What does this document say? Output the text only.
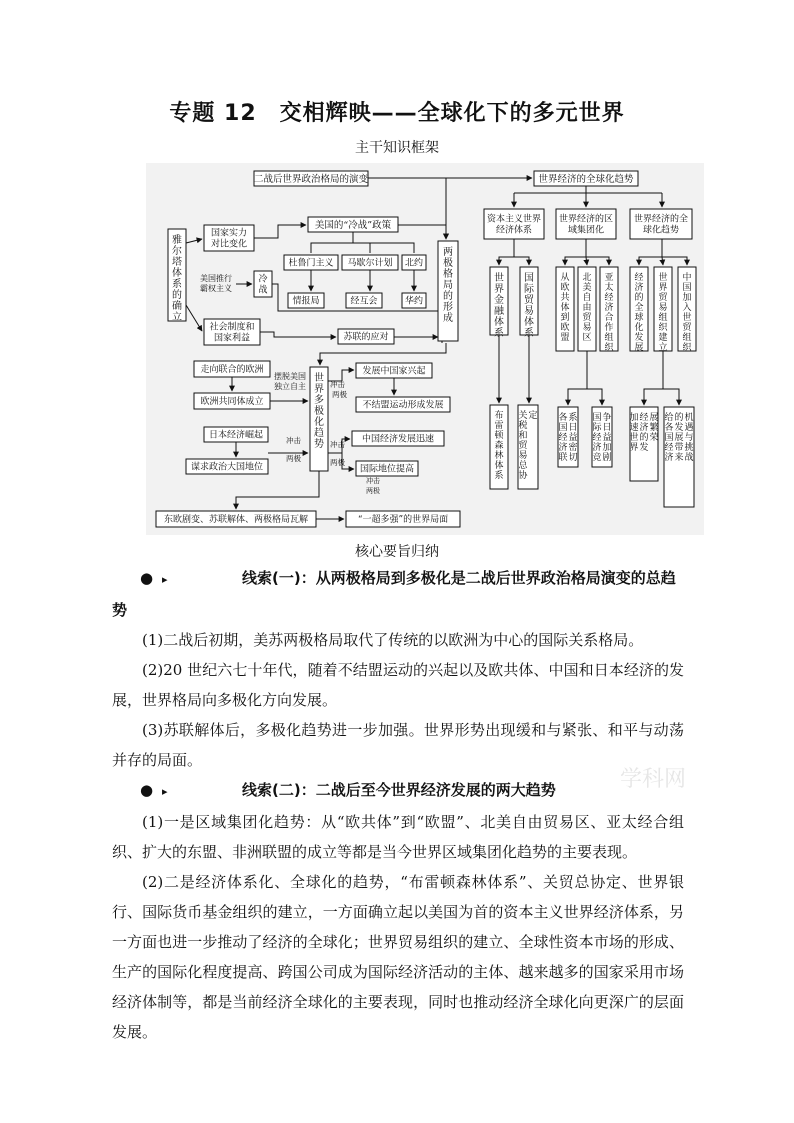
专题 12　交相辉映——全球化下的多元世界
主干知识框架
二战后世界政治格局的演变	世界经济的全球化趋势
雅
尔
塔
体
系
的
确
立
国家实力
对比变化
美国的“冷战”政策
两
极
格
局
的
形
成
杜鲁门主义 马歇尔计划 北约
冷
战
情报局	经互会	华约
社会制度和
国家利益	苏联的应对
美国推行
霸权主义
世
界
多
极
化
趋
势
走向联合的欧洲
欧洲共同体成立
摆脱美国
独立自主
发展中国家兴起
不结盟运动形成发展
冲击
两极
日本经济崛起
谋求政治大国地位
冲击
两极
中国经济发展迅速
国际地位提高
冲击
两极
东欧剧变、苏联解体、两极格局瓦解	“一超多强”的世界局面
冲击
两极
资本主义世界
经济体系
世界经济的区
域集团化
世界经济的全
球化趋势
世
界
金
融
体
系
国
际
贸
易
体
系
布
雷
顿
森
林
体
系
关
税
和
贸
易
总
协
定
从
欧
共
体
到
欧
盟
北
美
自
由
贸
易
区
亚
太
经
济
合
作
组
织
各
国
经
济
联
系
日
益
密
切
国
际
经
济
竞
争
日
益
加
剧
经
济
的
全
球
化
发
展
世
界
贸
易
组
织
建
立
中
国
加
入
世
贸
组
织
加
速
世
界
经
济
的
发
展
繁
荣
给
各
国
经
济
的
发
展
带
来
机
遇
与
挑
战
核心要旨归纳
学科网

● ▸	线索(一)：从两极格局到多极化是二战后世界政治格局演变的总趋势

(1)二战后初期，美苏两极格局取代了传统的以欧洲为中心的国际关系格局。

(2)20 世纪六七十年代，随着不结盟运动的兴起以及欧共体、中国和日本经济的发展，世界格局向多极化方向发展。

(3)苏联解体后，多极化趋势进一步加强。世界形势出现缓和与紧张、和平与动荡并存的局面。

● ▸	线索(二)：二战后至今世界经济发展的两大趋势

(1)一是区域集团化趋势：从“欧共体”到“欧盟”、北美自由贸易区、亚太经合组织、扩大的东盟、非洲联盟的成立等都是当今世界区域集团化趋势的主要表现。

(2)二是经济体系化、全球化的趋势，“布雷顿森林体系”、关贸总协定、世界银行、国际货币基金组织的建立，一方面确立起以美国为首的资本主义世界经济体系，另一方面也进一步推动了经济的全球化；世界贸易组织的建立、全球性资本市场的形成、生产的国际化程度提高、跨国公司成为国际经济活动的主体、越来越多的国家采用市场经济体制等，都是当前经济全球化的主要表现，同时也推动经济全球化向更深广的层面发展。
